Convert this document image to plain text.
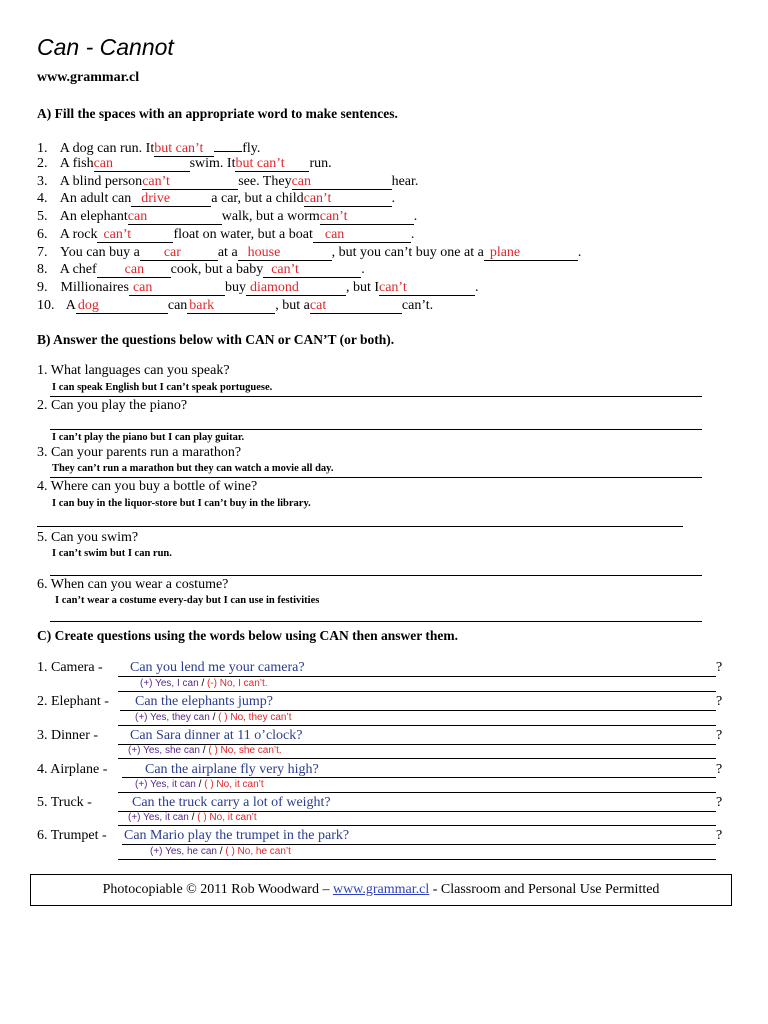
Can - Cannot
www.grammar.cl
A) Fill the spaces with an appropriate word to make sentences.
1. A dog can run. Itbut can’t	fly.
2. A fishcan	swim. Itbut can’t run.
3. A blind personcan’t	see. Theycan	hear.
4. An adult can drive	a car, but a childcan’t	.
5. An elephantcan	walk, but a wormcan’t	.
6. A rock can’t	float on water, but a boat can	.
7. You can buy a car	at a house	, but you can’t buy one at a plane	.
8. A chef can cook, but a baby can’t	.
9. Millionaires can	buy diamond	, but Ican’t	.
10. A dog	can bark	, but acat	can’t.
B) Answer the questions below with CAN or CAN’T (or both).
1. What languages can you speak?
I can speak English but I can’t speak portuguese.
2. Can you play the piano?
I can’t play the piano but I can play guitar.
3. Can your parents run a marathon?
They can’t run a marathon but they can watch a movie all day.
4. Where can you buy a bottle of wine?
I can buy in the liquor-store but I can’t buy in the library.
5. Can you swim?
I can’t swim but I can run.
6. When can you wear a costume?
I can’t wear a costume every-day but I can use in festivities
C) Create questions using the words below using CAN then answer them.
1. Camera - Can you lend me your camera?	?
(+) Yes, I can / (-) No, I can’t.
2. Elephant - Can the elephants jump?	?
(+) Yes, they can / ( ) No, they can’t
3. Dinner - Can Sara dinner at 11 o’clock?	?
(+) Yes, she can / ( ) No, she can’t.
4. Airplane -	Can the airplane fly very high?	?
(+) Yes, it can / ( ) No, it can’t
5. Truck -	Can the truck carry a lot of weight?	?
(+) Yes, it can / ( ) No, it can’t
6. Trumpet - Can Mario play the trumpet in the park?	?
(+) Yes, he can / ( ) No, he can’t
Photocopiable © 2011 Rob Woodward – www.grammar.cl - Classroom and Personal Use Permitted
